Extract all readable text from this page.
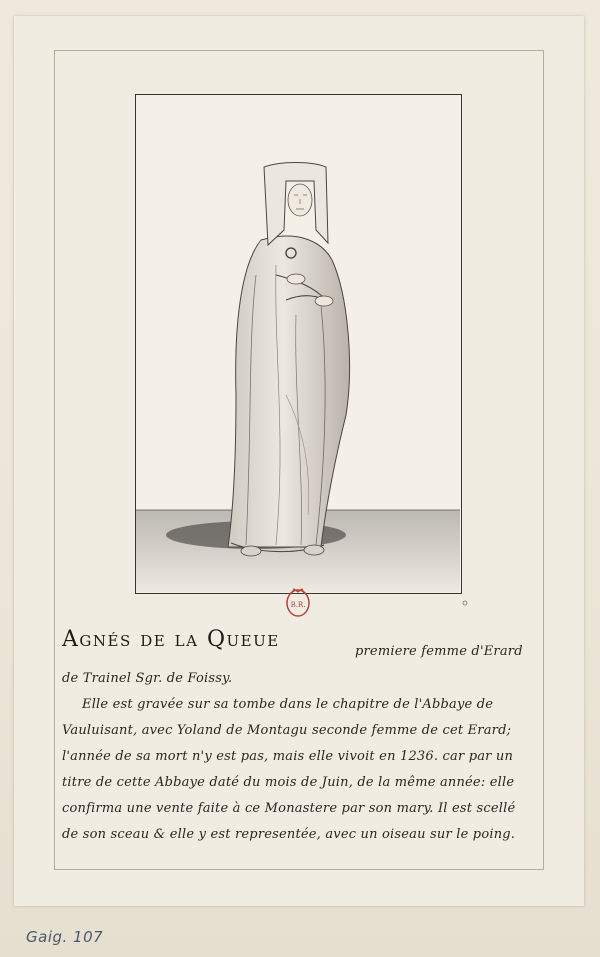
B.R.
Agnés de la Queue	premiere femme d'Erard
de Trainel Sgr. de Foissy.
Elle est gravée sur sa tombe dans le chapitre de l'Abbaye de
Vauluisant, avec Yoland de Montagu seconde femme de cet Erard;
l'année de sa mort n'y est pas, mais elle vivoit en 1236. car par un
titre de cette Abbaye daté du mois de Juin, de la même année: elle
confirma une vente faite à ce Monastere par son mary. Il est scellé
de son sceau & elle y est representée, avec un oiseau sur le poing.
Gaig. 107
